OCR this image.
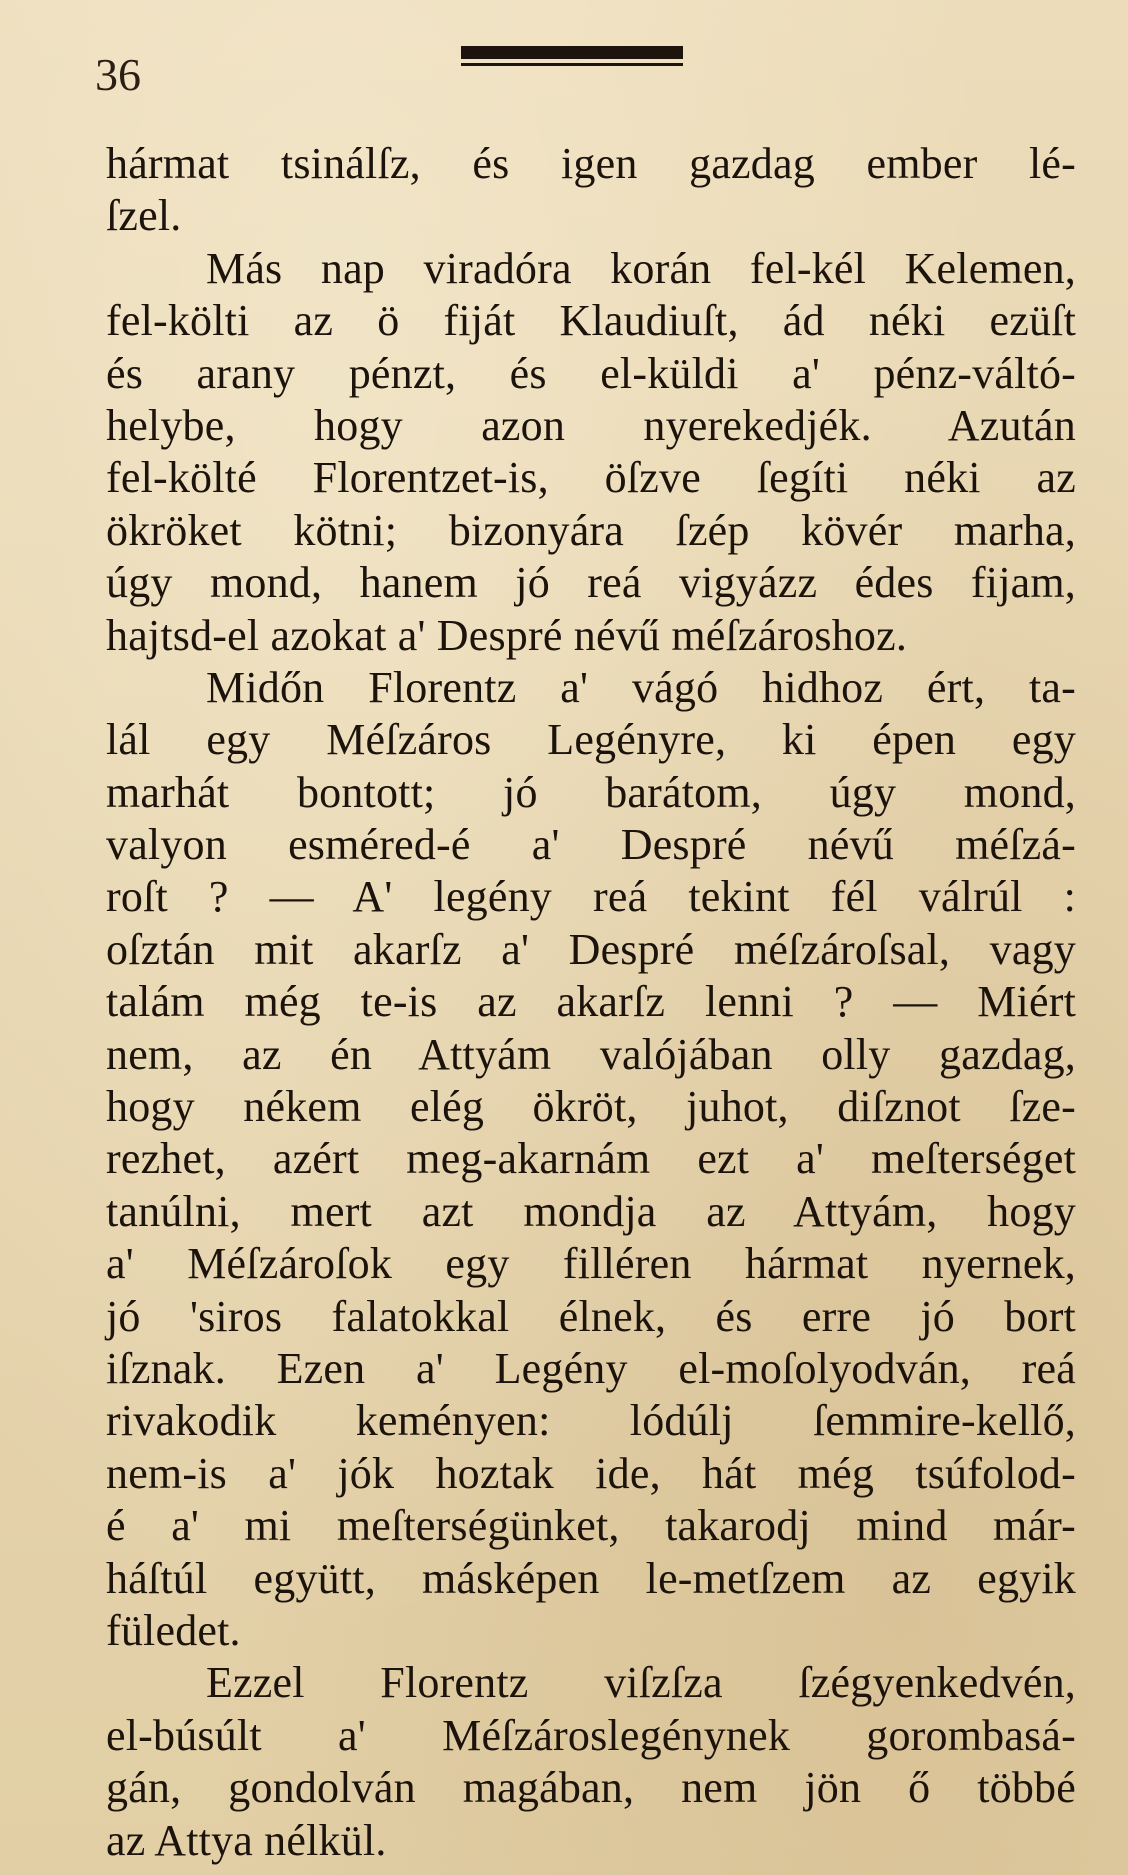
36
hármat tsinálſz, és igen gazdag ember lé-
ſzel.
Más nap viradóra korán fel-kél Kelemen,
fel-költi az ö fiját Klaudiuſt, ád néki ezüſt
és arany pénzt, és el-küldi a' pénz-váltó-
helybe, hogy azon nyerekedjék. Azután
fel-költé Florentzet-is, öſzve ſegíti néki az
ökröket kötni; bizonyára ſzép kövér marha,
úgy mond, hanem jó reá vigyázz édes fijam,
hajtsd-el azokat a' Despré névű méſzároshoz.
Midőn Florentz a' vágó hidhoz ért, ta-
lál egy Méſzáros Legényre, ki épen egy
marhát bontott; jó barátom, úgy mond,
valyon esméred-é a' Despré névű méſzá-
roſt ? — A' legény reá tekint fél válrúl :
oſztán mit akarſz a' Despré méſzároſsal, vagy
talám még te-is az akarſz lenni ? — Miért
nem, az én Attyám valójában olly gazdag,
hogy nékem elég ökröt, juhot, diſznot ſze-
rezhet, azért meg-akarnám ezt a' meſterséget
tanúlni, mert azt mondja az Attyám, hogy
a' Méſzároſok egy filléren hármat nyernek,
jó 'siros falatokkal élnek, és erre jó bort
iſznak. Ezen a' Legény el-moſolyodván, reá
rivakodik keményen: lódúlj ſemmire-kellő,
nem-is a' jók hoztak ide, hát még tsúfolod-
é a' mi meſterségünket, takarodj mind már-
háſtúl együtt, másképen le-metſzem az egyik
füledet.
Ezzel Florentz viſzſza ſzégyenkedvén,
el-búsúlt a' Méſzároslegénynek gorombasá-
gán, gondolván magában, nem jön ő többé
az Attya nélkül.
